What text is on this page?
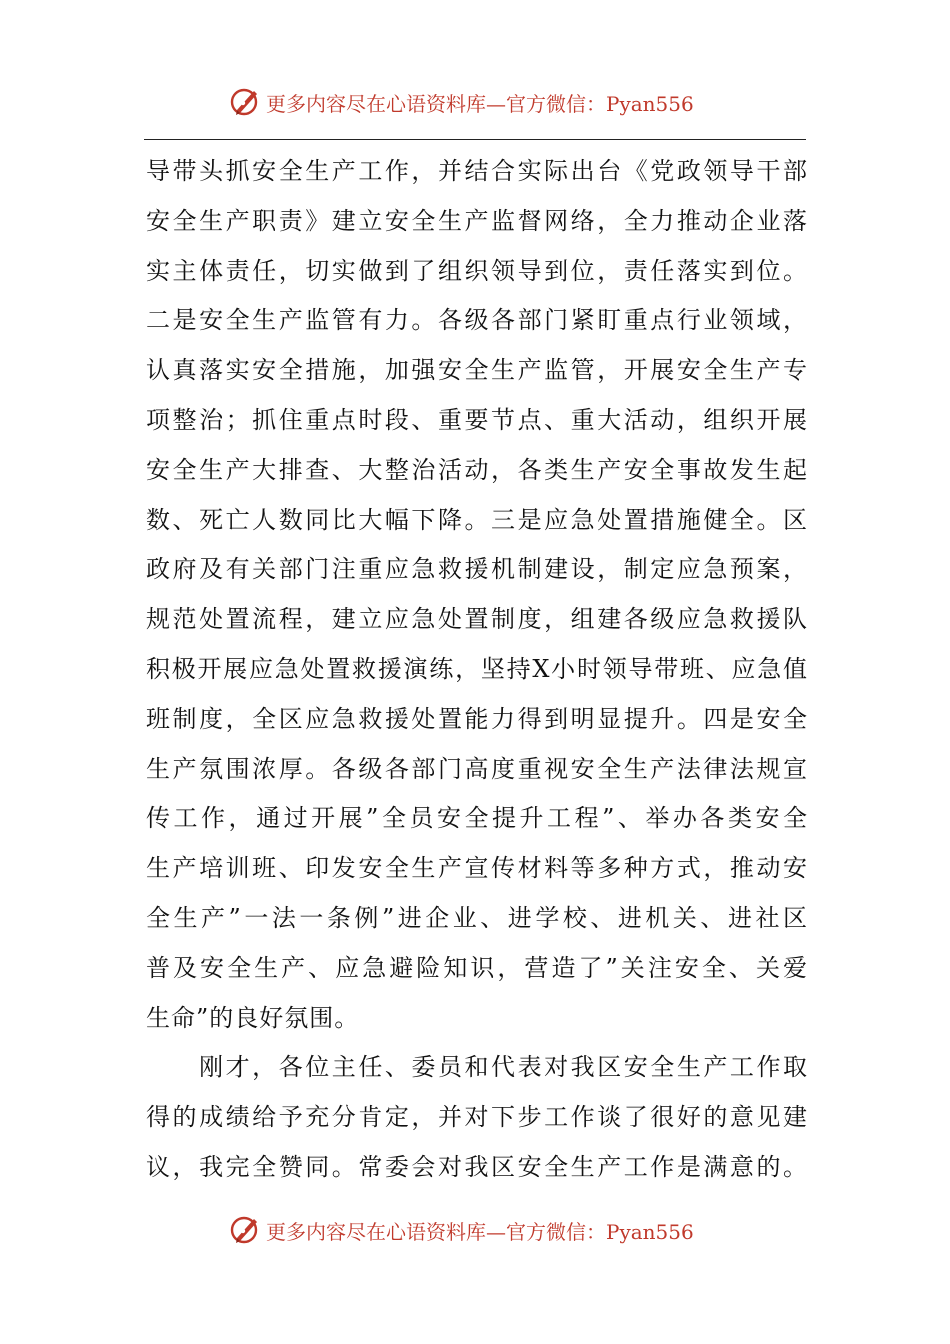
更多内容尽在心语资料库—官方微信：Pyan556
导带头抓安全生产工作，并结合实际出台《党政领导干部
安全生产职责》建立安全生产监督网络，全力推动企业落
实主体责任，切实做到了组织领导到位，责任落实到位。
二是安全生产监管有力。各级各部门紧盯重点行业领域，
认真落实安全措施，加强安全生产监管，开展安全生产专
项整治；抓住重点时段、重要节点、重大活动，组织开展
安全生产大排查、大整治活动，各类生产安全事故发生起
数、死亡人数同比大幅下降。三是应急处置措施健全。区
政府及有关部门注重应急救援机制建设，制定应急预案，
规范处置流程，建立应急处置制度，组建各级应急救援队
积极开展应急处置救援演练，坚持X小时领导带班、应急值
班制度，全区应急救援处置能力得到明显提升。四是安全
生产氛围浓厚。各级各部门高度重视安全生产法律法规宣
传工作，通过开展”全员安全提升工程”、举办各类安全
生产培训班、印发安全生产宣传材料等多种方式，推动安
全生产”一法一条例”进企业、进学校、进机关、进社区
普及安全生产、应急避险知识，营造了”关注安全、关爱
生命”的良好氛围。
　　刚才，各位主任、委员和代表对我区安全生产工作取
得的成绩给予充分肯定，并对下步工作谈了很好的意见建
议，我完全赞同。常委会对我区安全生产工作是满意的。
更多内容尽在心语资料库—官方微信：Pyan556
